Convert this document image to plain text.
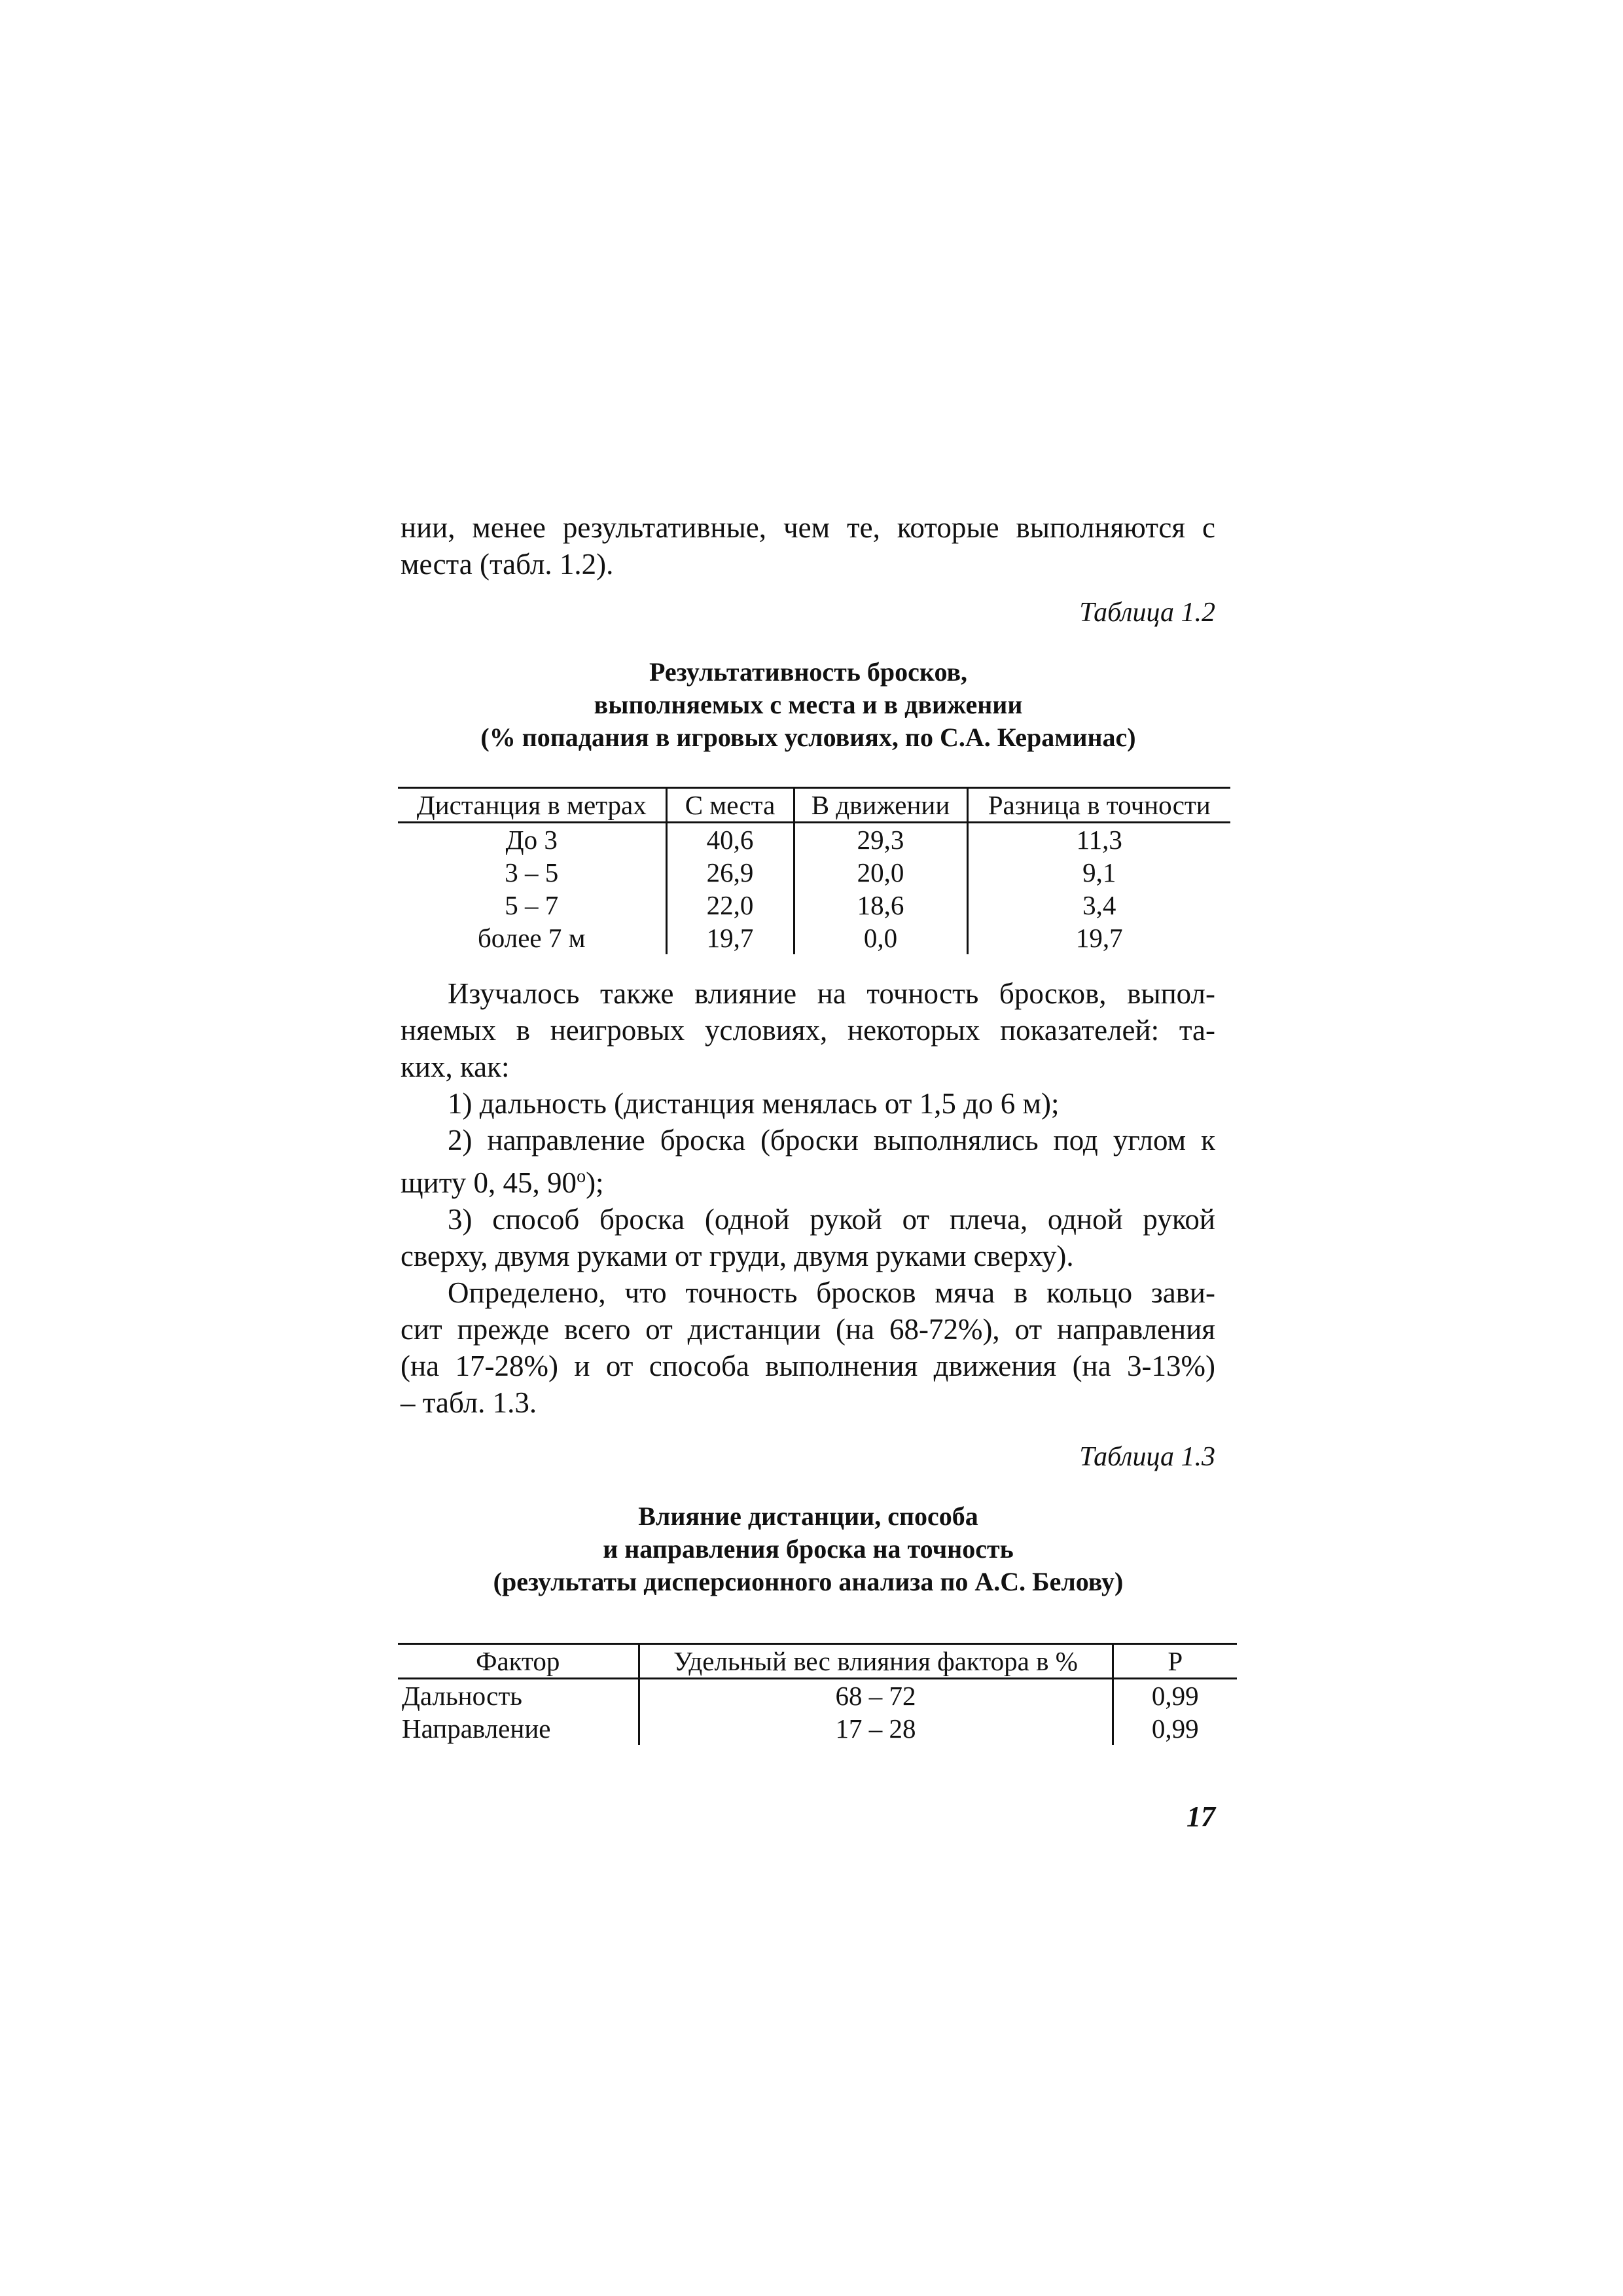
нии, менее результативные, чем те, которые выполняются с

места (табл. 1.2).

Таблица 1.2
Результативность бросков,
выполняемых с места и в движении
(% попадания в игровых условиях, по С.А. Кераминас)
Дистанция в метрах	С места	В движении	Разница в точности
До 3	40,6	29,3	11,3
3 – 5	26,9	20,0	9,1
5 – 7	22,0	18,6	3,4
более 7 м	19,7	0,0	19,7

Изучалось также влияние на точность бросков, выпол-

няемых в неигровых условиях, некоторых показателей: та-

ких, как:

1) дальность (дистанция менялась от 1,5 до 6 м);

2) направление броска (броски выполнялись под углом к

щиту 0, 45, 90$^o$);

3) способ броска (одной рукой от плеча, одной рукой

сверху, двумя руками от груди, двумя руками сверху).

Определено, что точность бросков мяча в кольцо зави-

сит прежде всего от дистанции (на 68-72%), от направления

(на 17-28%) и от способа выполнения движения (на 3-13%)

– табл. 1.3.

Таблица 1.3
Влияние дистанции, способа
и направления броска на точность
(результаты дисперсионного анализа по А.С. Белову)
Фактор	Удельный вес влияния фактора в %	P
Дальность	68 – 72	0,99
Направление	17 – 28	0,99
17
